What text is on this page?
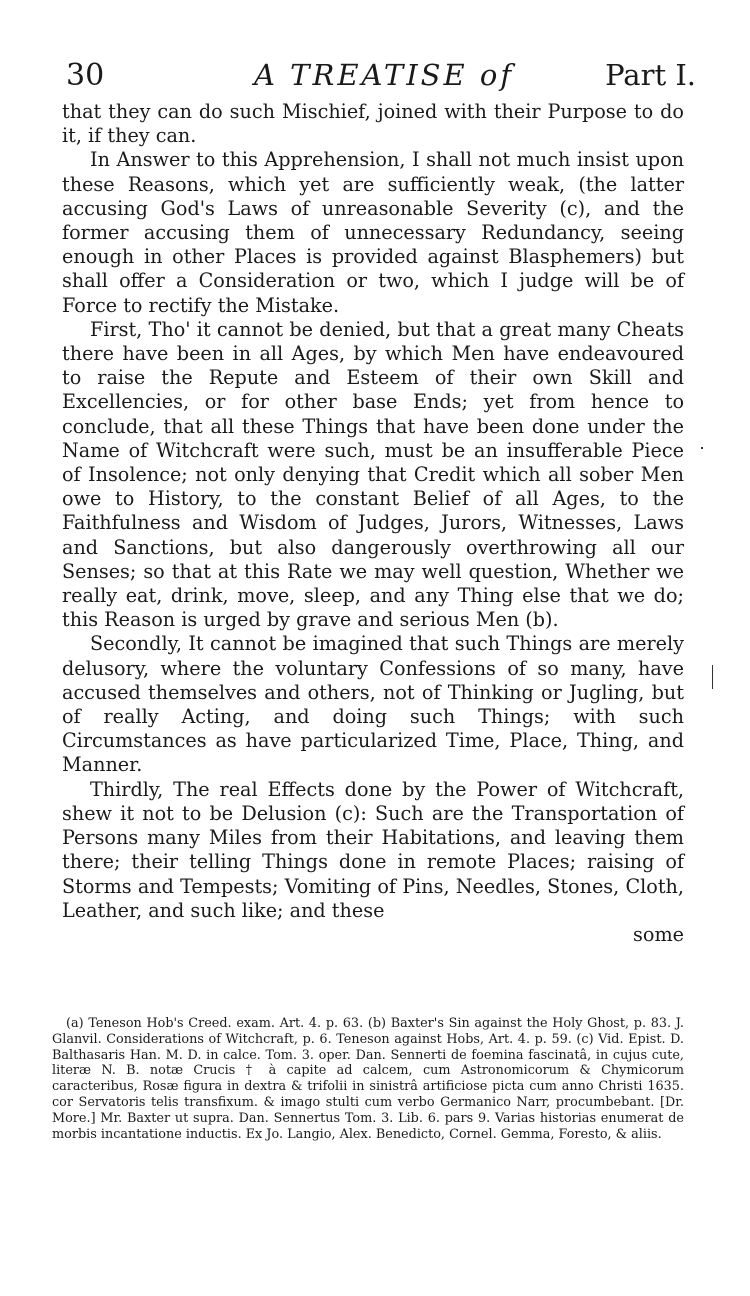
30	A TREATISE of	Part I.

that they can do such Mischief, joined with their Purpose to do it, if they can.

In Answer to this Apprehension, I shall not much insist upon these Reasons, which yet are sufficiently weak, (the latter accusing God's Laws of unreasonable Severity (c), and the former accusing them of unnecessary Redundancy, seeing enough in other Places is provided against Blasphemers) but shall offer a Consideration or two, which I judge will be of Force to rectify the Mistake.

First, Tho' it cannot be denied, but that a great many Cheats there have been in all Ages, by which Men have endeavoured to raise the Repute and Esteem of their own Skill and Excellencies, or for other base Ends; yet from hence to conclude, that all these Things that have been done under the Name of Witchcraft were such, must be an insufferable Piece of Insolence; not only denying that Credit which all sober Men owe to History, to the constant Belief of all Ages, to the Faithfulness and Wisdom of Judges, Jurors, Witnesses, Laws and Sanctions, but also dangerously overthrowing all our Senses; so that at this Rate we may well question, Whether we really eat, drink, move, sleep, and any Thing else that we do; this Reason is urged by grave and serious Men (b).

Secondly, It cannot be imagined that such Things are merely delusory, where the voluntary Confessions of so many, have accused themselves and others, not of Thinking or Jugling, but of really Acting, and doing such Things; with such Circumstances as have particularized Time, Place, Thing, and Manner.

Thirdly, The real Effects done by the Power of Witchcraft, shew it not to be Delusion (c): Such are the Transportation of Persons many Miles from their Habitations, and leaving them there; their telling Things done in remote Places; raising of Storms and Tempests; Vomiting of Pins, Needles, Stones, Cloth, Leather, and such like; and these

some

(a) Teneson Hob's Creed. exam. Art. 4. p. 63. (b) Baxter's Sin against the Holy Ghost, p. 83. J. Glanvil. Considerations of Witchcraft, p. 6. Teneson against Hobs, Art. 4. p. 59. (c) Vid. Epist. D. Balthasaris Han. M. D. in calce. Tom. 3. oper. Dan. Sennerti de foemina fascinatâ, in cujus cute, literæ N. B. notæ Crucis † à capite ad calcem, cum Astronomicorum & Chymicorum caracteribus, Rosæ figura in dextra & trifolii in sinistrâ artificiose picta cum anno Christi 1635. cor Servatoris telis transfixum. & imago stulti cum verbo Germanico Narr, procumbebant. [Dr. More.] Mr. Baxter ut supra. Dan. Sennertus Tom. 3. Lib. 6. pars 9. Varias historias enumerat de morbis incantatione inductis. Ex Jo. Langio, Alex. Benedicto, Cornel. Gemma, Foresto, & aliis.
